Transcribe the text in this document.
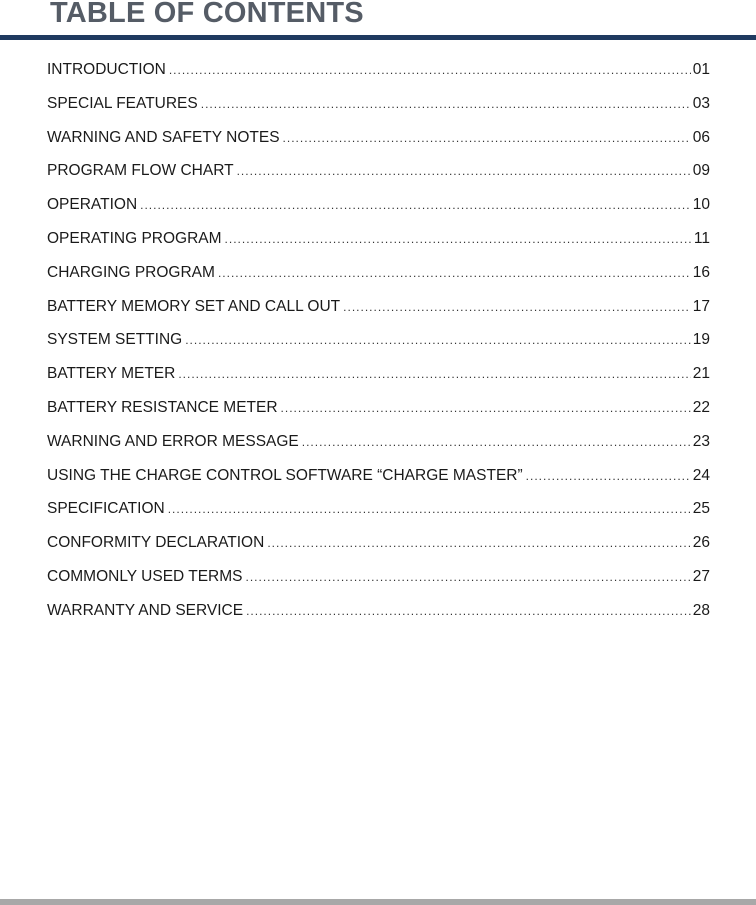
TABLE OF CONTENTS
INTRODUCTION .....	01
SPECIAL FEATURES .....	03
WARNING AND SAFETY NOTES .....	06
PROGRAM FLOW CHART .....	09
OPERATION .....	10
OPERATING PROGRAM .....	11
CHARGING PROGRAM .....	16
BATTERY MEMORY SET AND CALL OUT .....	17
SYSTEM SETTING .....	19
BATTERY METER .....	21
BATTERY RESISTANCE METER .....	22
WARNING AND ERROR MESSAGE .....	23
USING THE CHARGE CONTROL SOFTWARE “CHARGE MASTER” .....	24
SPECIFICATION .....	25
CONFORMITY DECLARATION .....	26
COMMONLY USED TERMS .....	27
WARRANTY AND SERVICE .....	28
